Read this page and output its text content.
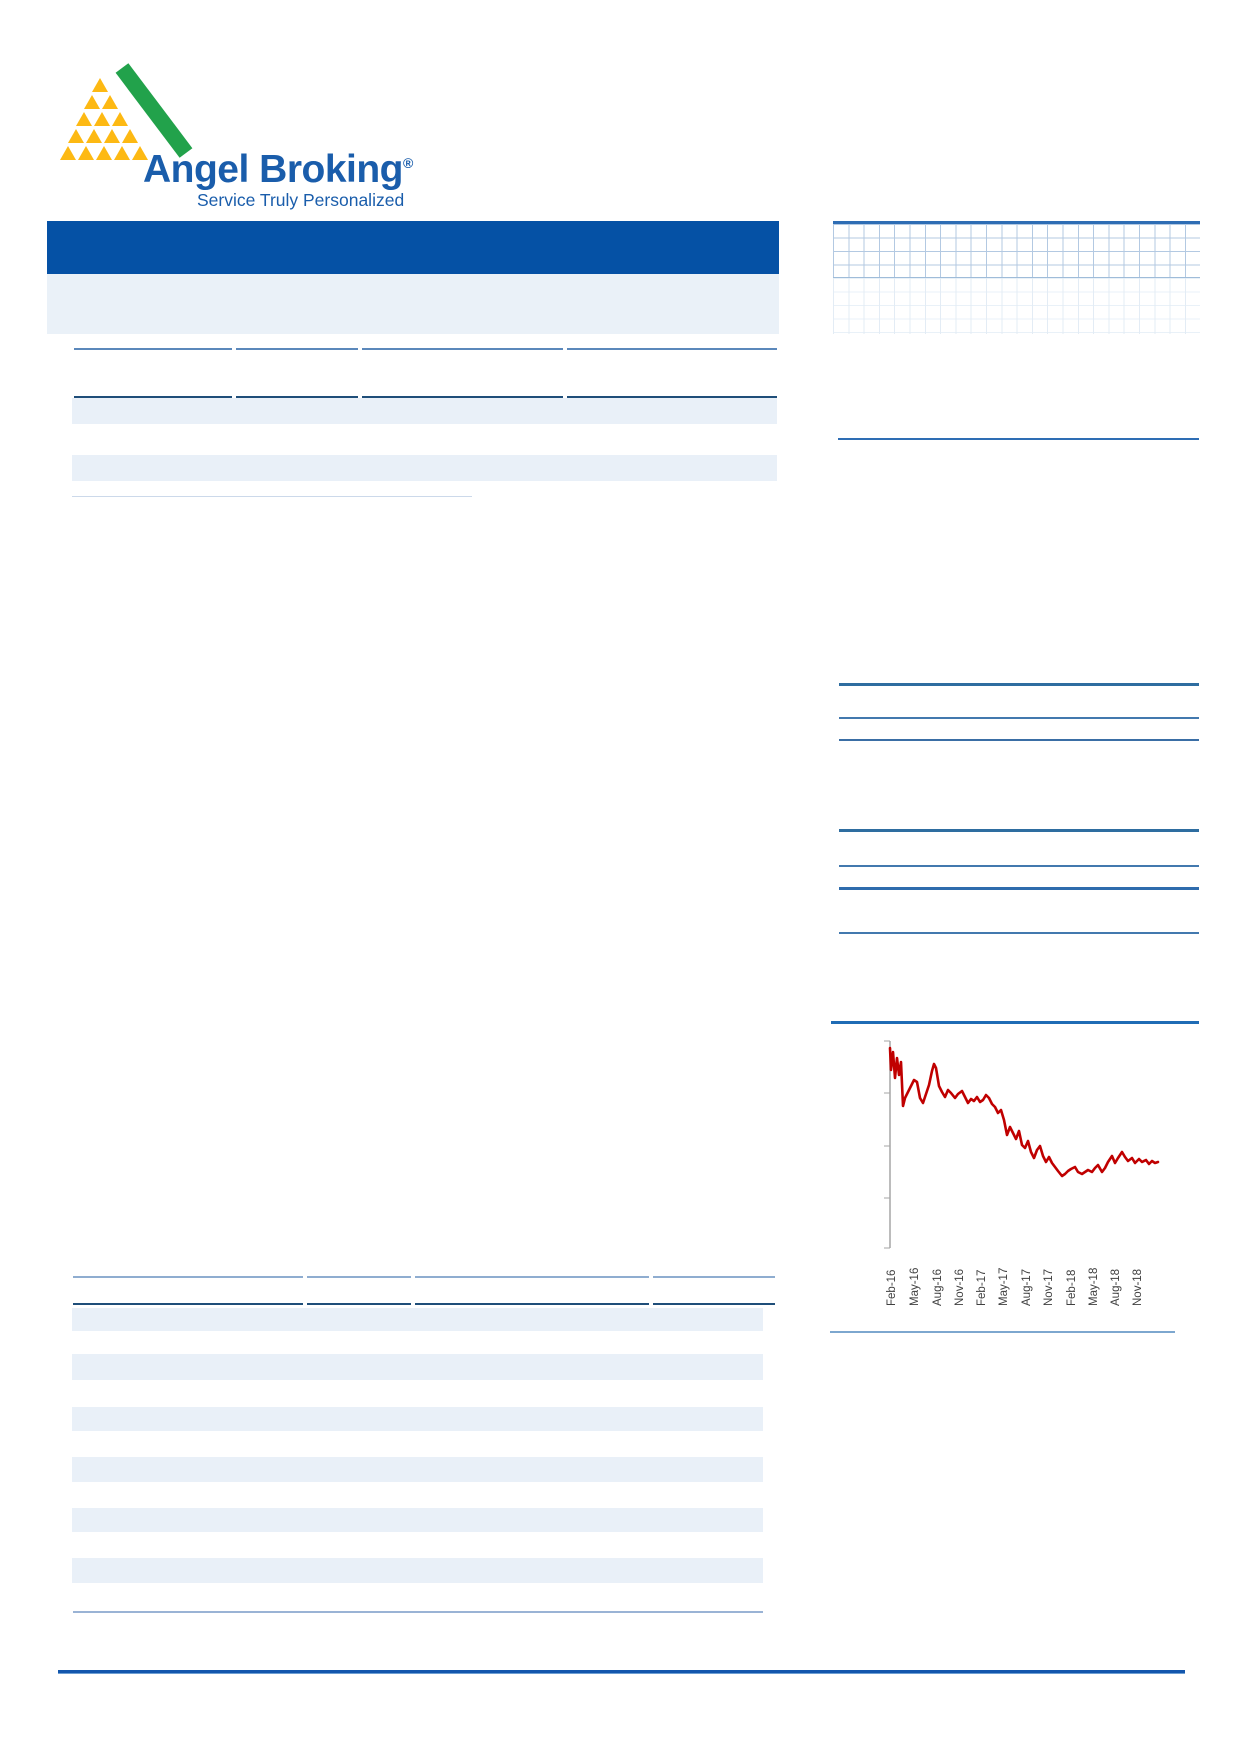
Angel Broking®
Service Truly Personalized
Feb-16 May-16 Aug-16 Nov-16 Feb-17 May-17 Aug-17 Nov-17 Feb-18 May-18 Aug-18 Nov-18
